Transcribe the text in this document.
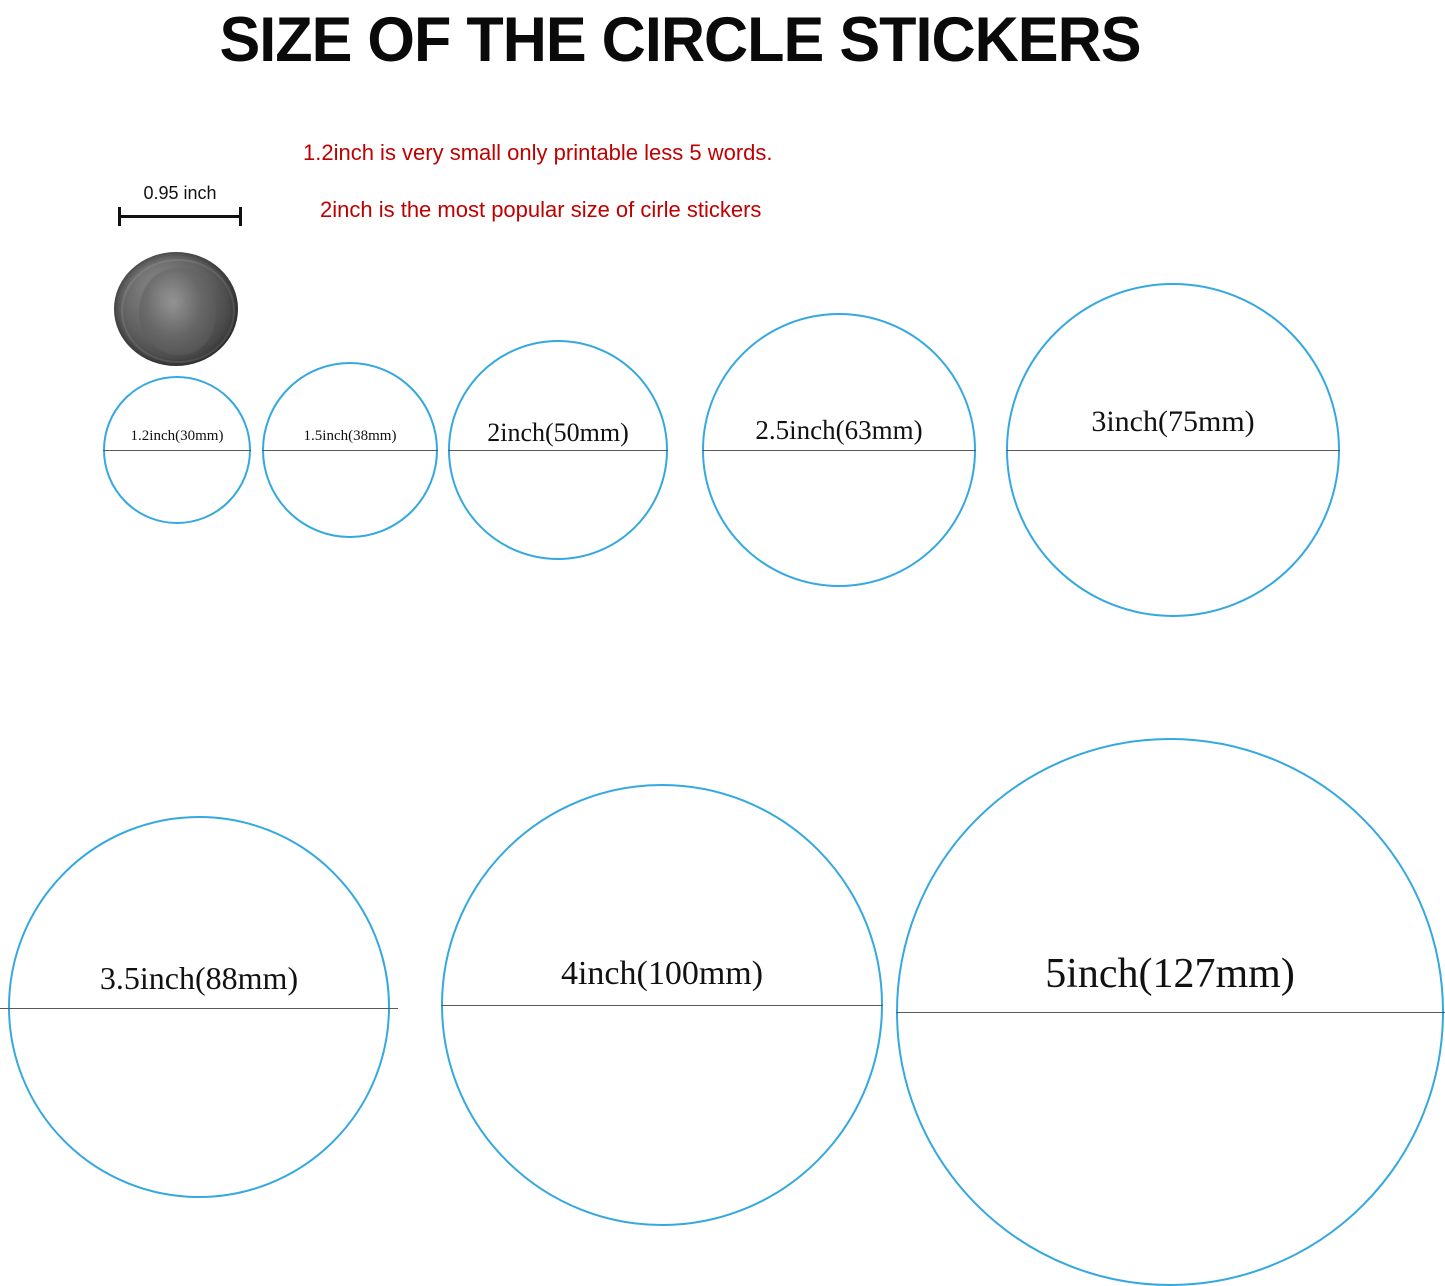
SIZE OF THE CIRCLE STICKERS
1.2inch is very small only printable less 5 words.
2inch is the most popular size of cirle stickers
0.95 inch
1.2inch(30mm)	1.5inch(38mm)	2inch(50mm)	2.5inch(63mm)	3inch(75mm)
3.5inch(88mm)	4inch(100mm)	5inch(127mm)
